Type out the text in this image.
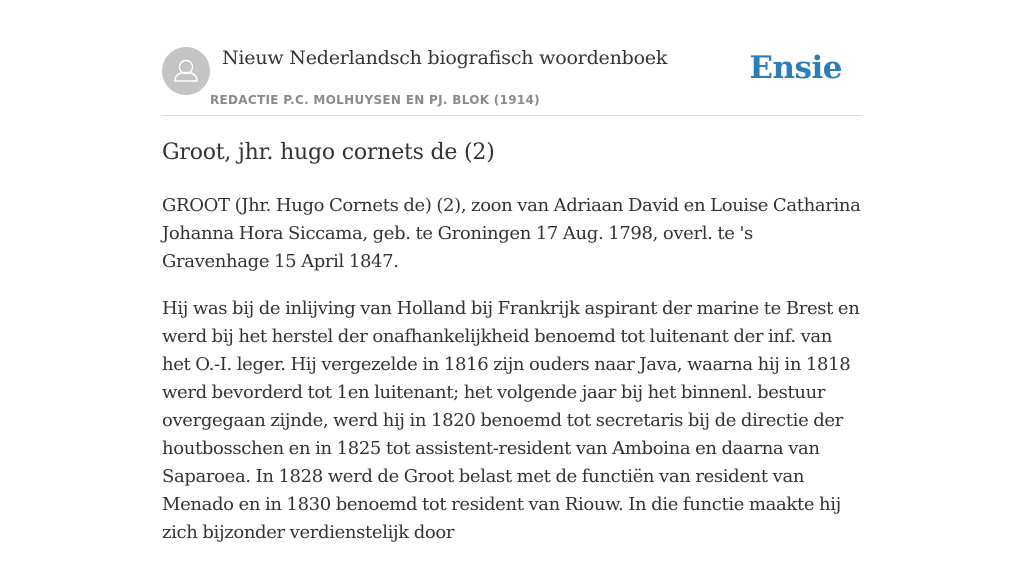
Nieuw Nederlandsch biografisch woordenboek
REDACTIE P.C. MOLHUYSEN EN PJ. BLOK (1914)
Ensie
Groot, jhr. hugo cornets de (2)

GROOT (Jhr. Hugo Cornets de) (2), zoon van Adriaan David en Louise Catharina Johanna Hora Siccama, geb. te Groningen 17 Aug. 1798, overl. te 's Gravenhage 15 April 1847.

Hij was bij de inlijving van Holland bij Frankrijk aspirant der marine te Brest en werd bij het herstel der onafhankelijkheid benoemd tot luitenant der inf. van het O.-I. leger. Hij vergezelde in 1816 zijn ouders naar Java, waarna hij in 1818 werd bevorderd tot 1en luitenant; het volgende jaar bij het binnenl. bestuur overgegaan zijnde, werd hij in 1820 benoemd tot secretaris bij de directie der houtbosschen en in 1825 tot assistent-resident van Amboina en daarna van Saparoea. In 1828 werd de Groot belast met de functiën van resident van Menado en in 1830 benoemd tot resident van Riouw. In die functie maakte hij zich bijzonder verdienstelijk door
